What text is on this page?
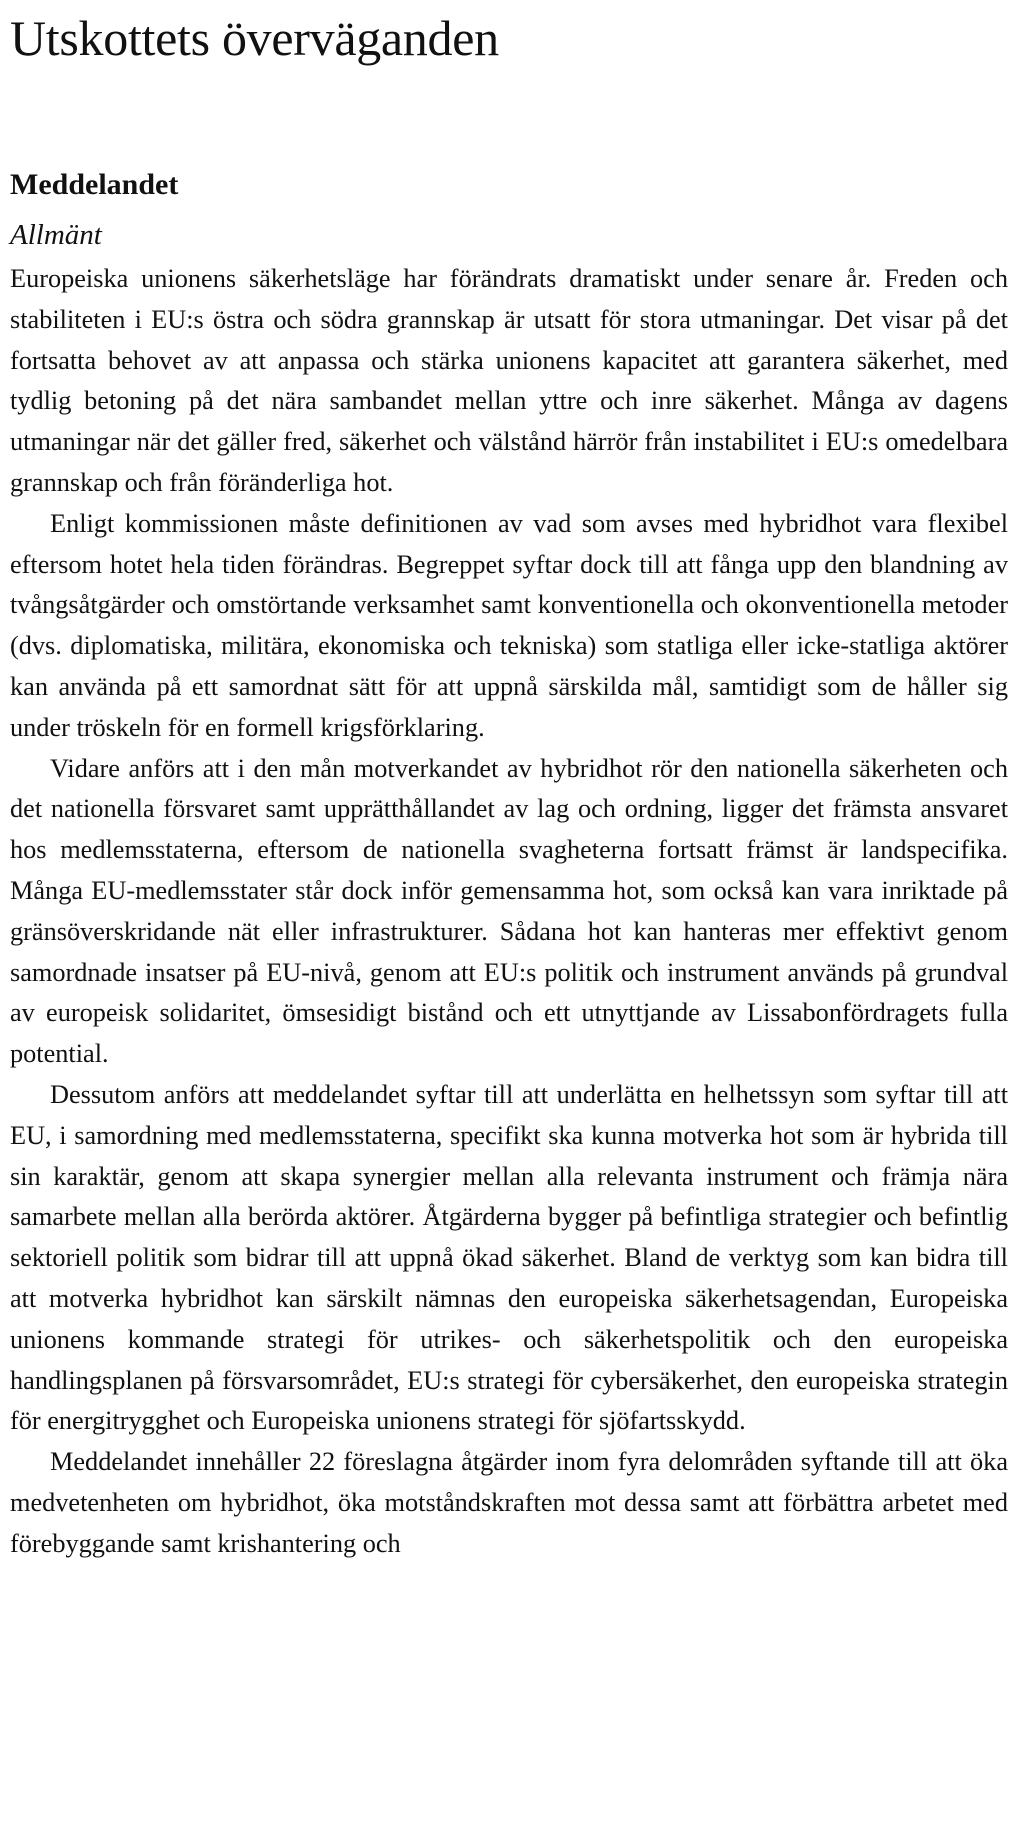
Utskottets överväganden
Meddelandet
Allmänt

Europeiska unionens säkerhetsläge har förändrats dramatiskt under senare år. Freden och stabiliteten i EU:s östra och södra grannskap är utsatt för stora utmaningar. Det visar på det fortsatta behovet av att anpassa och stärka unionens kapacitet att garantera säkerhet, med tydlig betoning på det nära sambandet mellan yttre och inre säkerhet. Många av dagens utmaningar när det gäller fred, säkerhet och välstånd härrör från instabilitet i EU:s omedelbara grannskap och från föränderliga hot.

Enligt kommissionen måste definitionen av vad som avses med hybridhot vara flexibel eftersom hotet hela tiden förändras. Begreppet syftar dock till att fånga upp den blandning av tvångsåtgärder och omstörtande verksamhet samt konventionella och okonventionella metoder (dvs. diplomatiska, militära, ekonomiska och tekniska) som statliga eller icke-statliga aktörer kan använda på ett samordnat sätt för att uppnå särskilda mål, samtidigt som de håller sig under tröskeln för en formell krigsförklaring.

Vidare anförs att i den mån motverkandet av hybridhot rör den nationella säkerheten och det nationella försvaret samt upprätthållandet av lag och ordning, ligger det främsta ansvaret hos medlemsstaterna, eftersom de nationella svagheterna fortsatt främst är landspecifika. Många EU-medlemsstater står dock inför gemensamma hot, som också kan vara inriktade på gränsöverskridande nät eller infrastrukturer. Sådana hot kan hanteras mer effektivt genom samordnade insatser på EU-nivå, genom att EU:s politik och instrument används på grundval av europeisk solidaritet, ömsesidigt bistånd och ett utnyttjande av Lissabonfördragets fulla potential.

Dessutom anförs att meddelandet syftar till att underlätta en helhetssyn som syftar till att EU, i samordning med medlemsstaterna, specifikt ska kunna motverka hot som är hybrida till sin karaktär, genom att skapa synergier mellan alla relevanta instrument och främja nära samarbete mellan alla berörda aktörer. Åtgärderna bygger på befintliga strategier och befintlig sektoriell politik som bidrar till att uppnå ökad säkerhet. Bland de verktyg som kan bidra till att motverka hybridhot kan särskilt nämnas den europeiska säkerhetsagendan, Europeiska unionens kommande strategi för utrikes- och säkerhetspolitik och den europeiska handlingsplanen på försvarsområdet, EU:s strategi för cybersäkerhet, den europeiska strategin för energitrygghet och Europeiska unionens strategi för sjöfartsskydd.

Meddelandet innehåller 22 föreslagna åtgärder inom fyra delområden syftande till att öka medvetenheten om hybridhot, öka motståndskraften mot dessa samt att förbättra arbetet med förebyggande samt krishantering och
